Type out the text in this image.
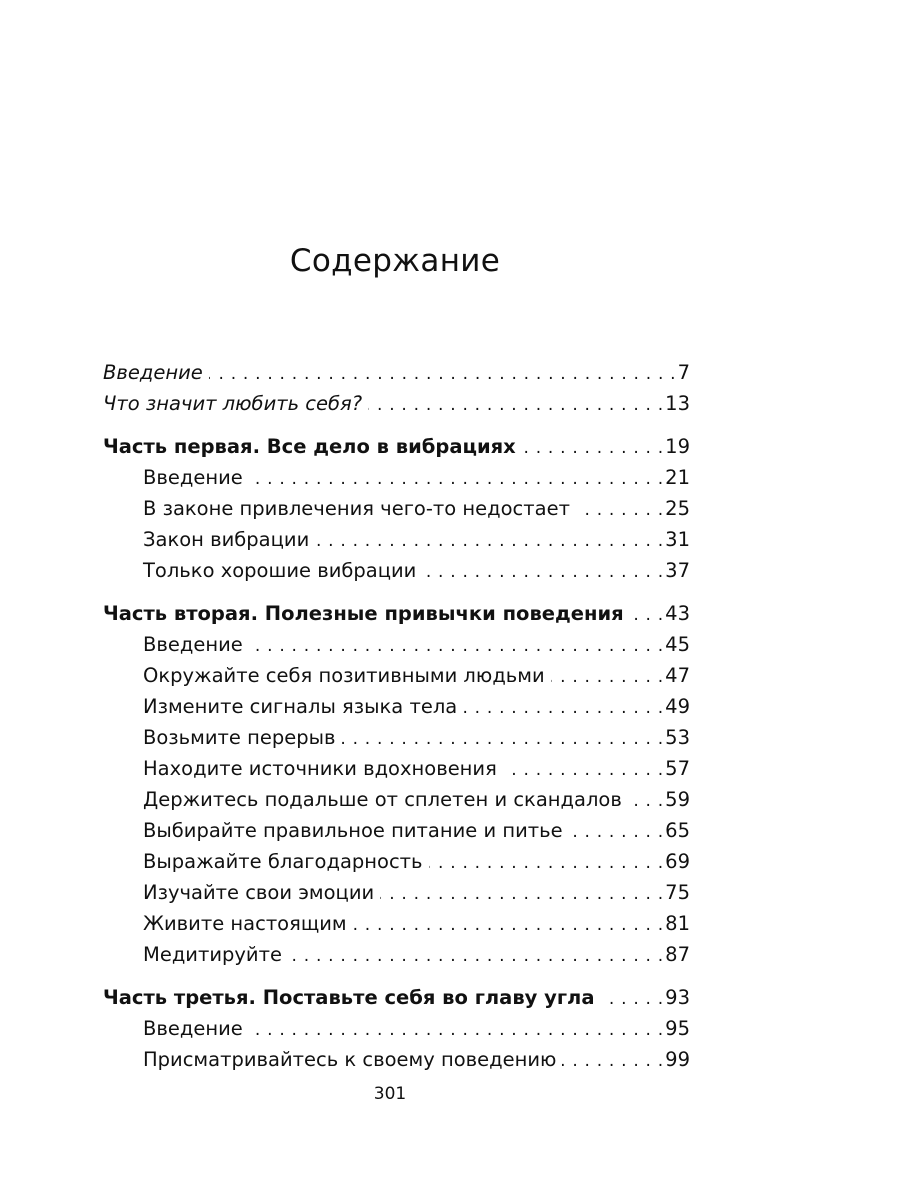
Содержание
Введение . . .	7
Что значит любить себя? . . .	13
Часть первая. Все дело в вибрациях . . .	19
Введение . . .	21
В законе привлечения чего-то недостает . . .	25
Закон вибрации . . .	31
Только хорошие вибрации . . .	37
Часть вторая. Полезные привычки поведения . . .	43
Введение . . .	45
Окружайте себя позитивными людьми . . .	47
Измените сигналы языка тела . . .	49
Возьмите перерыв . . .	53
Находите источники вдохновения . . .	57
Держитесь подальше от сплетен и скандалов . . .	59
Выбирайте правильное питание и питье . . .	65
Выражайте благодарность . . .	69
Изучайте свои эмоции . . .	75
Живите настоящим . . .	81
Медитируйте . . .	87
Часть третья. Поставьте себя во главу угла . . .	93
Введение . . .	95
Присматривайтесь к своему поведению . . .	99
301
